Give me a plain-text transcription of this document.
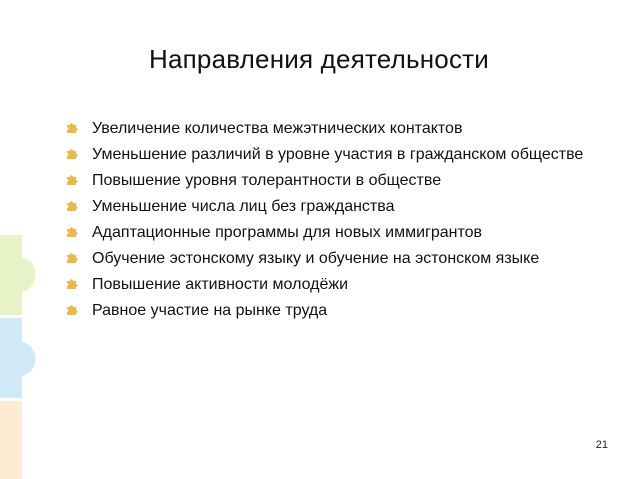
Направления деятельности
Увеличение количества межэтнических контактов
Уменьшение различий в уровне участия в гражданском обществе
Повышение уровня толерантности в обществе
Уменьшение числа лиц без гражданства
Адаптационные программы для новых иммигрантов
Обучение эстонскому языку и обучение на эстонском языке
Повышение активности молодёжи
Равное участие на рынке труда
21
